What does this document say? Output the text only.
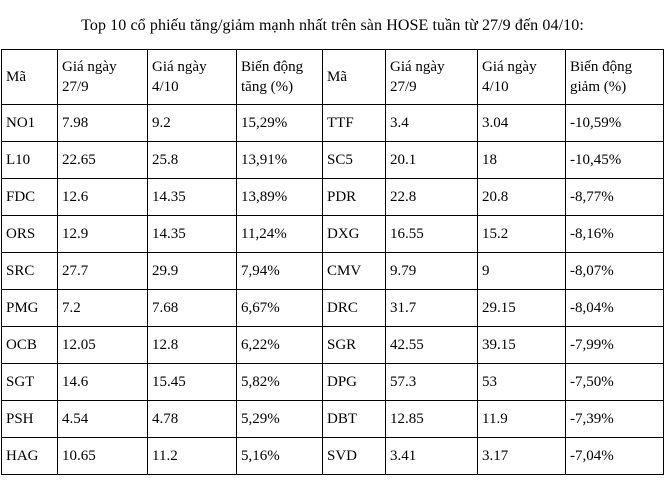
Top 10 cổ phiếu tăng/giảm mạnh nhất trên sàn HOSE tuần từ 27/9 đến 04/10:

Mã	Giá ngày 27/9	Giá ngày 4/10	Biến động tăng (%)	Mã	Giá ngày 27/9	Giá ngày 4/10	Biến động giảm (%)
NO1	7.98	9.2	15,29%	TTF	3.4	3.04	-10,59%
L10	22.65	25.8	13,91%	SC5	20.1	18	-10,45%
FDC	12.6	14.35	13,89%	PDR	22.8	20.8	-8,77%
ORS	12.9	14.35	11,24%	DXG	16.55	15.2	-8,16%
SRC	27.7	29.9	7,94%	CMV	9.79	9	-8,07%
PMG	7.2	7.68	6,67%	DRC	31.7	29.15	-8,04%
OCB	12.05	12.8	6,22%	SGR	42.55	39.15	-7,99%
SGT	14.6	15.45	5,82%	DPG	57.3	53	-7,50%
PSH	4.54	4.78	5,29%	DBT	12.85	11.9	-7,39%
HAG	10.65	11.2	5,16%	SVD	3.41	3.17	-7,04%
